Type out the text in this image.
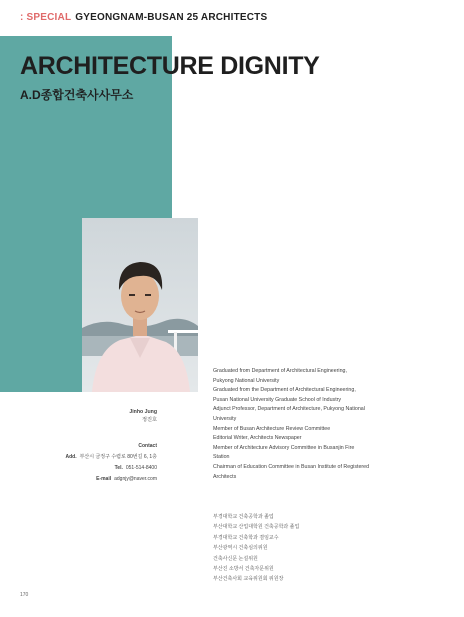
: SPECIAL GYEONGNAM-BUSAN 25 ARCHITECTS
ARCHITECTURE DIGNITY
A.D종합건축사사무소
Jinho Jung
정진호
Contact
Add. 부산시 금정구 수렴로 80번길 6, 1층
Tel. 051-514-8400
E-mail adgnjy@naver.com
Graduated from Department of Architectural Engineering,
Pukyong National University
Graduated from the Department of Architectural Engineering,
Pusan National University Graduate School of Industry
Adjunct Professor, Department of Architecture, Pukyong National
University
Member of Busan Architecture Review Committee
Editorial Writer, Architects Newspaper
Member of Architecture Advisory Committee in Busanjin Fire
Station
Chairman of Education Committee in Busan Institute of Registered
Architects
부경대학교 건축공학과 졸업
부산대학교 산업대학원 건축공학과 졸업
부경대학교 건축학과 겸임교수
부산광역시 건축심의위원
건축사신문 논설위원
부산진 소방서 건축자문위원
부산건축사회 교육위원회 위원장
170
